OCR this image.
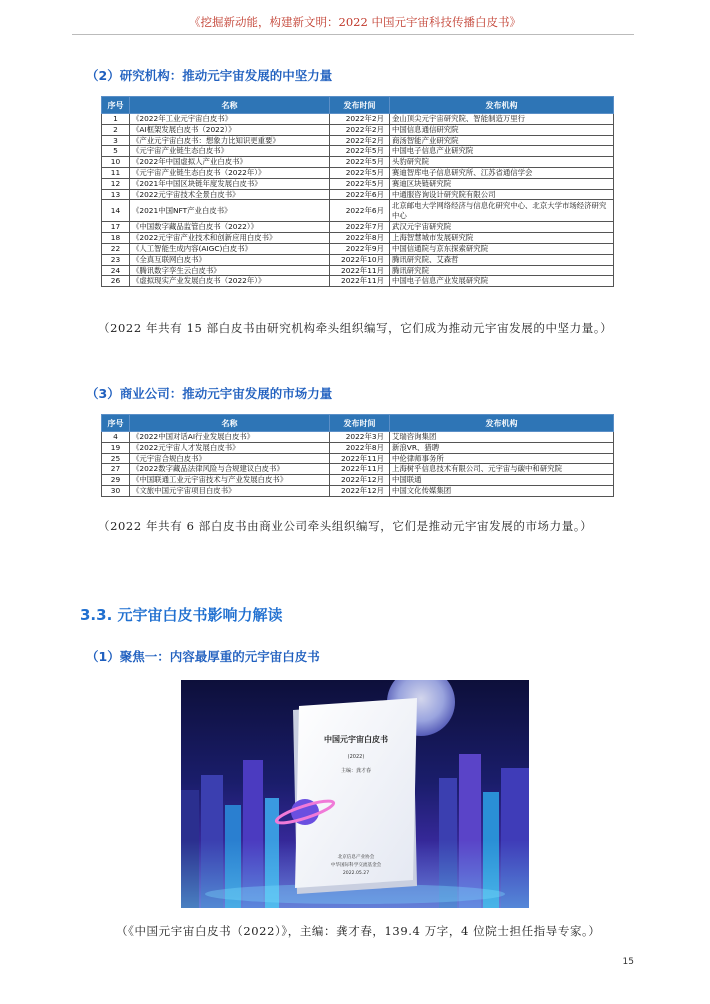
《挖掘新动能，构建新文明：2022 中国元宇宙科技传播白皮书》
（2）研究机构：推动元宇宙发展的中坚力量
序号	名称	发布时间	发布机构
1	《2022年工业元宇宙白皮书》	2022年2月	金山顶尖元宇宙研究院、智能制造万里行
2	《AI框架发展白皮书（2022）》	2022年2月	中国信息通信研究院
3	《产业元宇宙白皮书：想象力比知识更重要》	2022年2月	商汤智能产业研究院
5	《元宇宙产业链生态白皮书》	2022年5月	中国电子信息产业研究院
10	《2022年中国虚拟人产业白皮书》	2022年5月	头豹研究院
11	《元宇宙产业链生态白皮书（2022年）》	2022年5月	赛迪智库电子信息研究所、江苏省通信学会
12	《2021年中国区块链年度发展白皮书》	2022年5月	赛迪区块链研究院
13	《2022元宇宙技术全景白皮书》	2022年6月	中通服咨询设计研究院有限公司
14	《2021中国NFT产业白皮书》	2022年6月	北京邮电大学网络经济与信息化研究中心、北京大学市场经济研究中心
17	《中国数字藏品监管白皮书（2022）》	2022年7月	武汉元宇宙研究院
18	《2022元宇宙产业技术和创新应用白皮书》	2022年8月	上海智慧城市发展研究院
22	《人工智能生成内容(AIGC)白皮书》	2022年9月	中国信通院与京东探索研究院
23	《全真互联网白皮书》	2022年10月	腾讯研究院、艾森哲
24	《腾讯数字孪生云白皮书》	2022年11月	腾讯研究院
26	《虚拟现实产业发展白皮书（2022年）》	2022年11月	中国电子信息产业发展研究院
（2022 年共有 15 部白皮书由研究机构牵头组织编写，它们成为推动元宇宙发展的中坚力量。）
（3）商业公司：推动元宇宙发展的市场力量
序号	名称	发布时间	发布机构
4	《2022中国对话AI行业发展白皮书》	2022年3月	艾瑞咨询集团
19	《2022元宇宙人才发展白皮书》	2022年8月	新浪VR、猎聘
25	《元宇宙合规白皮书》	2022年11月	中伦律师事务所
27	《2022数字藏品法律风险与合规建议白皮书》	2022年11月	上海树乎信息技术有限公司、元宇宙与碳中和研究院
29	《中国联通工业元宇宙技术与产业发展白皮书》	2022年12月	中国联通
30	《文旅中国元宇宙项目白皮书》	2022年12月	中国文化传媒集团
（2022 年共有 6 部白皮书由商业公司牵头组织编写，它们是推动元宇宙发展的市场力量。）
3.3. 元宇宙白皮书影响力解读
（1）聚焦一：内容最厚重的元宇宙白皮书
中国元宇宙白皮书
(2022)
主编：龚才春
北京信息产业协会
中华国际科学交流基金会
2022.05.27
（《中国元宇宙白皮书（2022）》，主编：龚才春，139.4 万字，4 位院士担任指导专家。）
15
